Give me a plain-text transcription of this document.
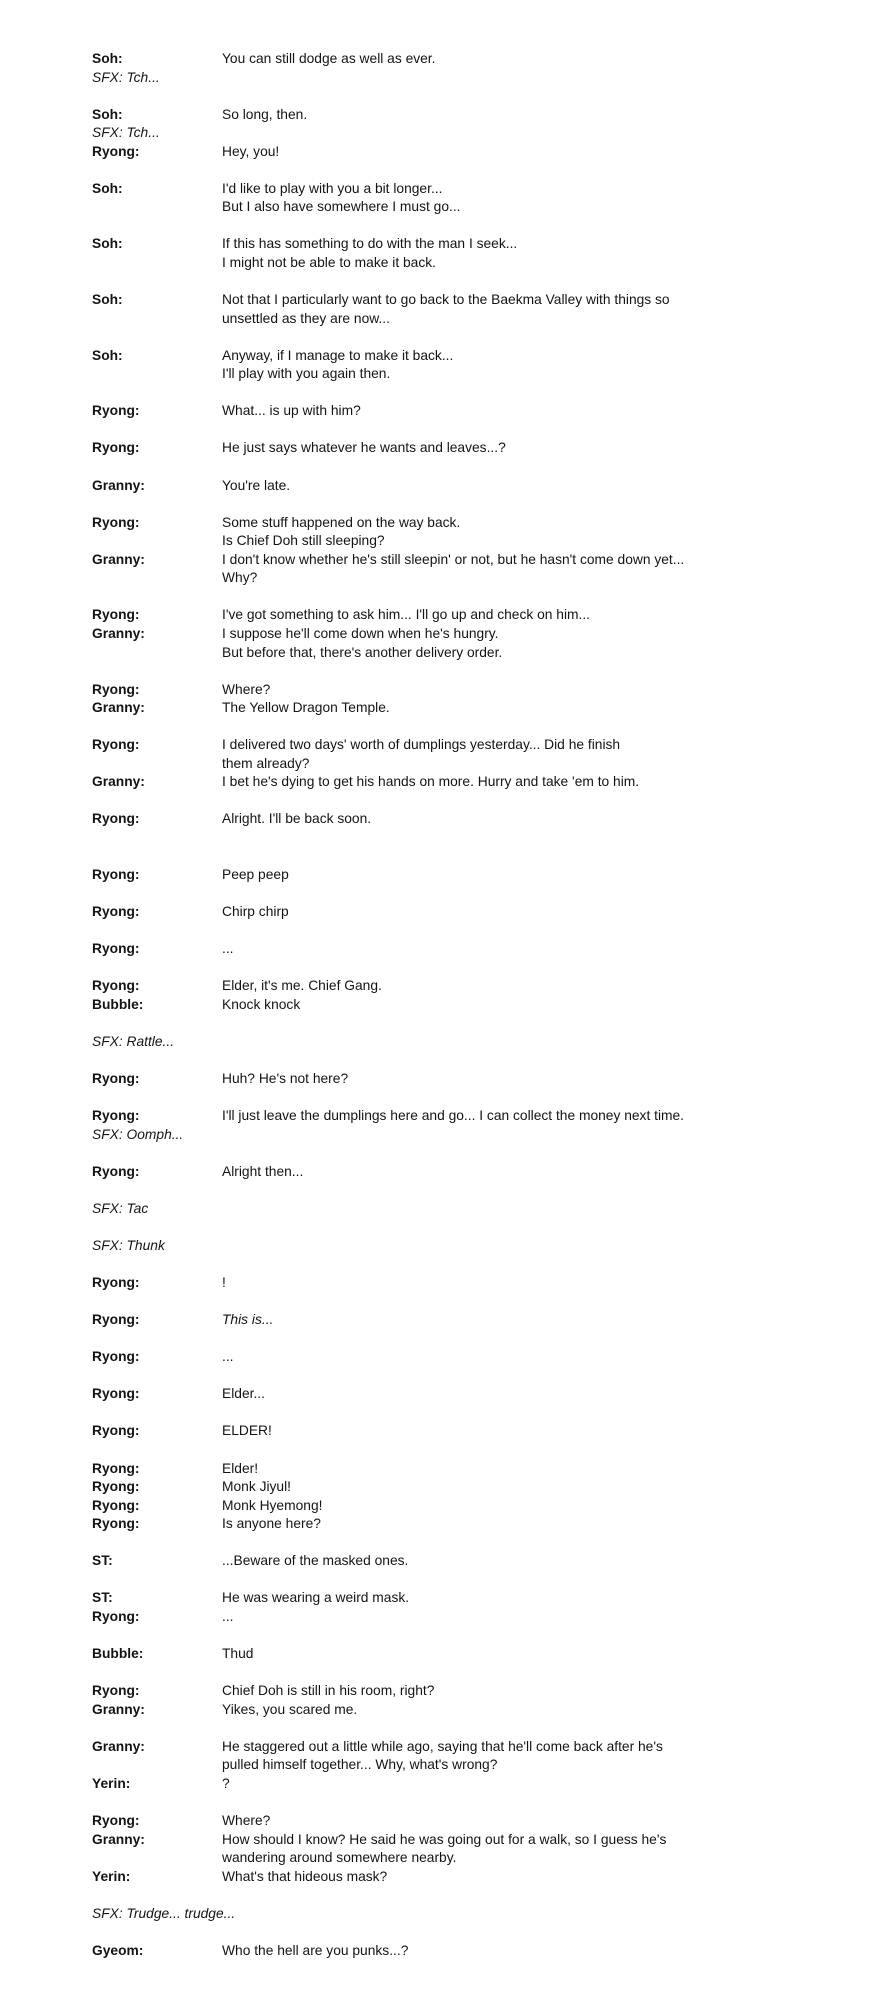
Soh:	You can still dodge as well as ever.
SFX: Tch...
Soh:	So long, then.
SFX: Tch...
Ryong:	Hey, you!
Soh:	I'd like to play with you a bit longer...
But I also have somewhere I must go...
Soh:	If this has something to do with the man I seek...
I might not be able to make it back.
Soh:	Not that I particularly want to go back to the Baekma Valley with things so
unsettled as they are now...
Soh:	Anyway, if I manage to make it back...
I'll play with you again then.
Ryong:	What... is up with him?
Ryong:	He just says whatever he wants and leaves...?
Granny:	You're late.
Ryong:	Some stuff happened on the way back.
Is Chief Doh still sleeping?
Granny:	I don't know whether he's still sleepin' or not, but he hasn't come down yet...
Why?
Ryong:	I've got something to ask him... I'll go up and check on him...
Granny:	I suppose he'll come down when he's hungry.
But before that, there's another delivery order.
Ryong:	Where?
Granny:	The Yellow Dragon Temple.
Ryong:	I delivered two days' worth of dumplings yesterday... Did he finish
them already?
Granny:	I bet he's dying to get his hands on more. Hurry and take 'em to him.
Ryong:	Alright. I'll be back soon.
Ryong:	Peep peep
Ryong:	Chirp chirp
Ryong:	...
Ryong:	Elder, it's me. Chief Gang.
Bubble:	Knock knock
SFX: Rattle...
Ryong:	Huh? He's not here?
Ryong:	I'll just leave the dumplings here and go... I can collect the money next time.
SFX: Oomph...
Ryong:	Alright then...
SFX: Tac
SFX: Thunk
Ryong:	!
Ryong:	This is...
Ryong:	...
Ryong:	Elder...
Ryong:	ELDER!
Ryong:	Elder!
Ryong:	Monk Jiyul!
Ryong:	Monk Hyemong!
Ryong:	Is anyone here?
ST:	...Beware of the masked ones.
ST:	He was wearing a weird mask.
Ryong:	...
Bubble:	Thud
Ryong:	Chief Doh is still in his room, right?
Granny:	Yikes, you scared me.
Granny:	He staggered out a little while ago, saying that he'll come back after he's
pulled himself together... Why, what's wrong?
Yerin:	?
Ryong:	Where?
Granny:	How should I know? He said he was going out for a walk, so I guess he's
wandering around somewhere nearby.
Yerin:	What's that hideous mask?
SFX: Trudge... trudge...
Gyeom:	Who the hell are you punks...?
